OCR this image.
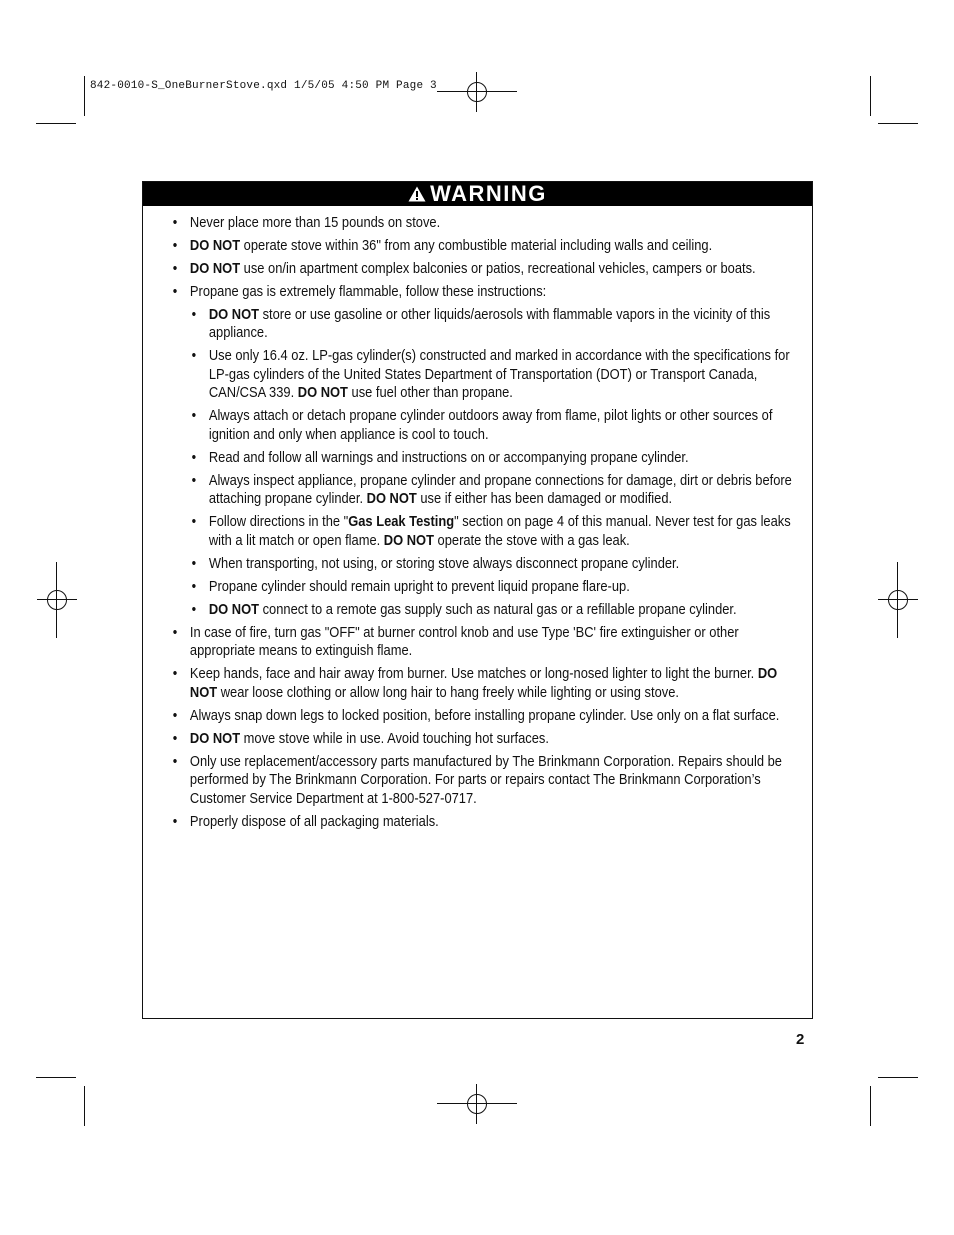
842-0010-S_OneBurnerStove.qxd 1/5/05 4:50 PM Page 3
WARNING
• Never place more than 15 pounds on stove.
• DO NOT operate stove within 36" from any combustible material including walls and ceiling.
• DO NOT use on/in apartment complex balconies or patios, recreational vehicles, campers or boats.
• Propane gas is extremely flammable, follow these instructions:
• DO NOT store or use gasoline or other liquids/aerosols with flammable vapors in the vicinity of this appliance.
• Use only 16.4 oz. LP-gas cylinder(s) constructed and marked in accordance with the specifications for LP-gas cylinders of the United States Department of Transportation (DOT) or Transport Canada, CAN/CSA 339. DO NOT use fuel other than propane.
• Always attach or detach propane cylinder outdoors away from flame, pilot lights or other sources of ignition and only when appliance is cool to touch.
• Read and follow all warnings and instructions on or accompanying propane cylinder.
• Always inspect appliance, propane cylinder and propane connections for damage, dirt or debris before attaching propane cylinder. DO NOT use if either has been damaged or modified.
• Follow directions in the "Gas Leak Testing" section on page 4 of this manual. Never test for gas leaks with a lit match or open flame. DO NOT operate the stove with a gas leak.
• When transporting, not using, or storing stove always disconnect propane cylinder.
• Propane cylinder should remain upright to prevent liquid propane flare-up.
• DO NOT connect to a remote gas supply such as natural gas or a refillable propane cylinder.
• In case of fire, turn gas "OFF" at burner control knob and use Type 'BC' fire extinguisher or other appropriate means to extinguish flame.
• Keep hands, face and hair away from burner. Use matches or long-nosed lighter to light the burner. DO NOT wear loose clothing or allow long hair to hang freely while lighting or using stove.
• Always snap down legs to locked position, before installing propane cylinder. Use only on a flat surface.
• DO NOT move stove while in use. Avoid touching hot surfaces.
• Only use replacement/accessory parts manufactured by The Brinkmann Corporation. Repairs should be performed by The Brinkmann Corporation. For parts or repairs contact The Brinkmann Corporation’s Customer Service Department at 1-800-527-0717.
• Properly dispose of all packaging materials.
2
